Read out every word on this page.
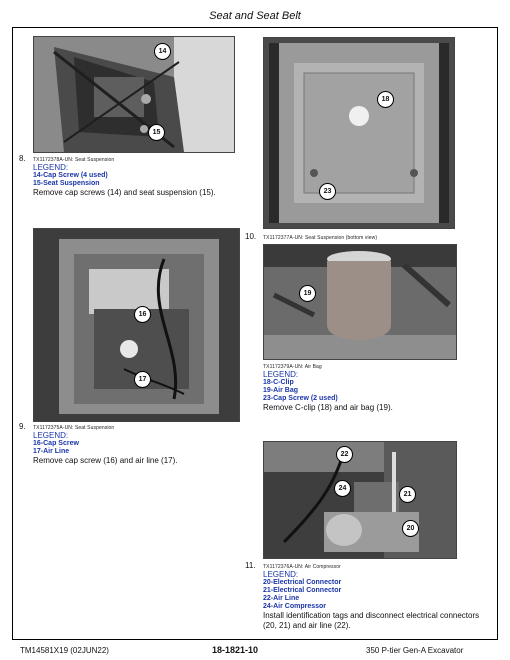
Seat and Seat Belt
14
15
8. TX1172378A-UN: Seat Suspension
LEGEND:
14-Cap Screw (4 used)
15-Seat Suspension
Remove cap screws (14) and seat suspension (15).
16
17
9. TX1172375A-UN: Seat Suspension
LEGEND:
16-Cap Screw
17-Air Line
Remove cap screw (16) and air line (17).
18
23
10. TX1172377A-UN: Seat Suspension (bottom view)
19
TX1172379A-UN: Air Bag
LEGEND:
18-C-Clip
19-Air Bag
23-Cap Screw (2 used)
Remove C-clip (18) and air bag (19).
22
24
21
20
11. TX1172376A-UN: Air Compressor
LEGEND:
20-Electrical Connector
21-Electrical Connector
22-Air Line
24-Air Compressor
Install identification tags and disconnect electrical connectors
(20, 21) and air line (22).
TM14581X19 (02JUN22)	18-1821-10	350 P-tier Gen-A Excavator
